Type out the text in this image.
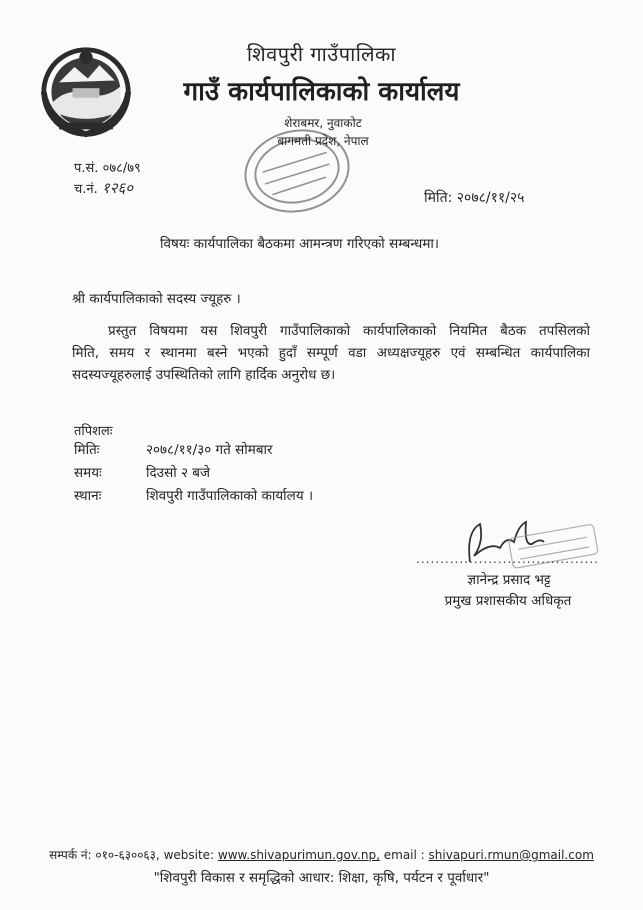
शिवपुरी गाउँपालिका
गाउँ कार्यपालिकाको कार्यालय
शेराबमर, नुवाकोट
बागमती प्रदेश, नेपाल
प.सं. ०७८/७९
च.नं. १२६०
मिति: २०७८/११/२५
विषयः कार्यपालिका बैठकमा आमन्त्रण गरिएको सम्बन्धमा।
श्री कार्यपालिकाको सदस्य ज्यूहरु ।
प्रस्तुत विषयमा यस शिवपुरी गाउँपालिकाको कार्यपालिकाको नियमित बैठक तपसिलको
मिति, समय र स्थानमा बस्ने भएको हुदाँ सम्पूर्ण वडा अध्यक्षज्यूहरु एवं सम्बन्धित कार्यपालिका
सदस्यज्यूहरुलाई उपस्थितिको लागि हार्दिक अनुरोध छ।
तपिशलः
मितिः	२०७८/११/३० गते सोमबार
समयः	दिउसो २ बजे
स्थानः	शिवपुरी गाउँपालिकाको कार्यालय ।
......................................
ज्ञानेन्द्र प्रसाद भट्ट
प्रमुख प्रशासकीय अधिकृत
सम्पर्क नं: ०१०-६३००६३, website: www.shivapurimun.gov.np, email : shivapuri.rmun@gmail.com
"शिवपुरी विकास र समृद्धिको आधार: शिक्षा, कृषि, पर्यटन र पूर्वाधार"
